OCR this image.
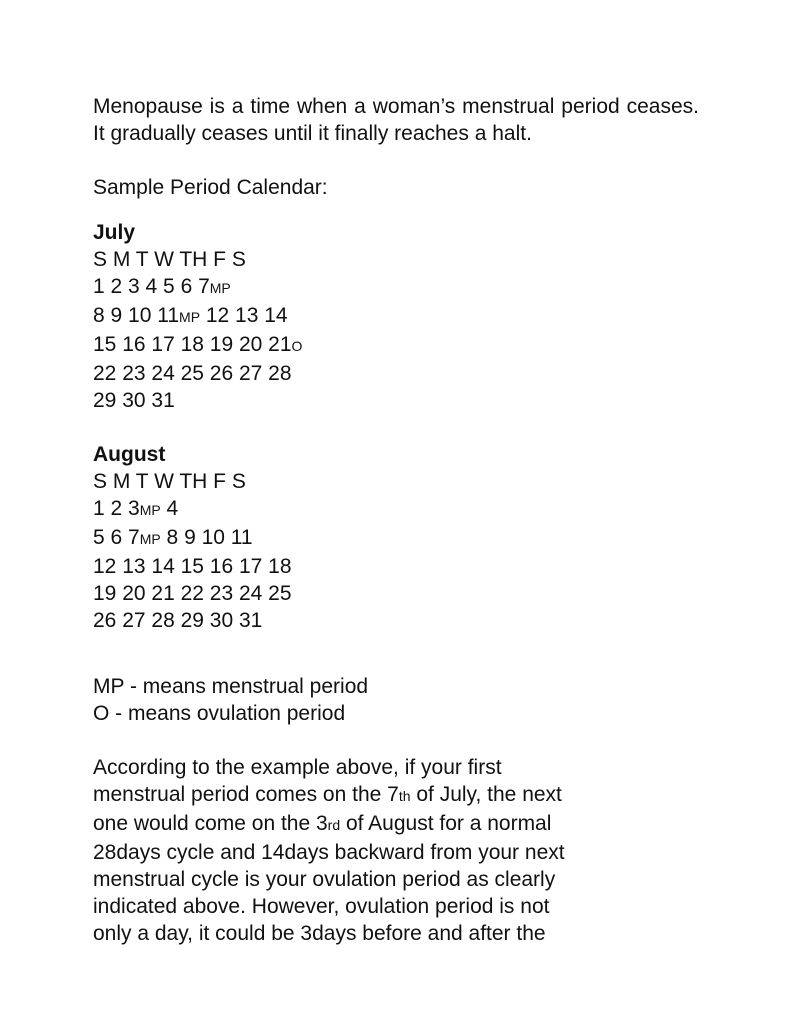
Menopause is a time when a woman’s menstrual period ceases. It gradually ceases until it finally reaches a halt.
Sample Period Calendar:
July
S M T W TH F S
1 2 3 4 5 6 7MP
8 9 10 11MP 12 13 14
15 16 17 18 19 20 21O
22 23 24 25 26 27 28
29 30 31
August
S M T W TH F S
1 2 3MP 4
5 6 7MP 8 9 10 11
12 13 14 15 16 17 18
19 20 21 22 23 24 25
26 27 28 29 30 31
MP - means menstrual period
O - means ovulation period
According to the example above, if your first
menstrual period comes on the 7th of July, the next
one would come on the 3rd of August for a normal
28days cycle and 14days backward from your next
menstrual cycle is your ovulation period as clearly
indicated above. However, ovulation period is not
only a day, it could be 3days before and after the
